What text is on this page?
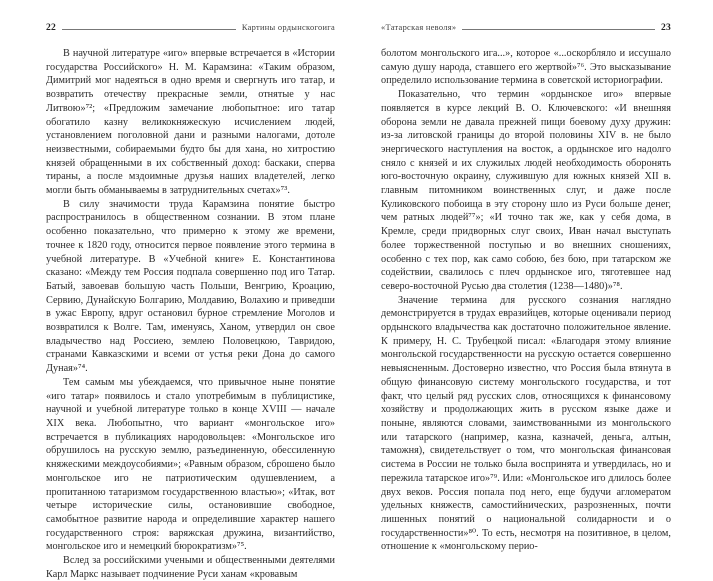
22	Картины ордынскогоига

В научной литературе «иго» впервые встречается в «Истории государства Российского» Н. М. Карамзина: «Таким образом, Димитрий мог надеяться в одно время и свергнуть иго татар, и возвратить отечеству прекрасные земли, отнятые у нас Литвою»⁷²; «Предложим замечание любопытное: иго татар обогатило казну великокняжескую исчислением людей, установлением поголовной дани и разными налогами, дотоле неизвестными, собираемыми будто бы для хана, но хитростию князей обращенными в их собственный доход: баскаки, сперва тираны, а после мздоимные друзья наших владетелей, легко могли быть обманываемы в затруднительных счетах»⁷³.

В силу значимости труда Карамзина понятие быстро распространилось в общественном сознании. В этом плане особенно показательно, что примерно к этому же времени, точнее к 1820 году, относится первое появление этого термина в учебной литературе. В «Учебной книге» Е. Константинова сказано: «Между тем Россия подпала совершенно под иго Татар. Батый, завоевав большую часть Польши, Венгрию, Кроацию, Сервию, Дунайскую Болгарию, Молдавию, Волахию и приведши в ужас Европу, вдруг остановил бурное стремление Моголов и возвратился к Волге. Там, именуясь, Ханом, утвердил он свое владычество над Россиею, землею Половецкою, Тавридою, странами Кавказскими и всеми от устья реки Дона до самого Дуная»⁷⁴.

Тем самым мы убеждаемся, что привычное ныне понятие «иго татар» появилось и стало употребимым в публицистике, научной и учебной литературе только в конце XVIII — начале XIX века. Любопытно, что вариант «монгольское иго» встречается в публикациях народовольцев: «Монгольское иго обрушилось на русскую землю, разъединенную, обессиленную княжескими междоусобиями»; «Равным образом, сброшено было монгольское иго не патриотическим одушевлением, а пропитанною татаризмом государственною властью»; «Итак, вот четыре исторические силы, остановившие свободное, самобытное развитие народа и определившие характер нашего государственного строя: варяжская дружина, византийство, монгольское иго и немецкий бюрократизм»⁷⁵.

Вслед за российскими учеными и общественными деятелями Карл Маркс называет подчинение Руси ханам «кровавым

«Татарская неволя»	23

болотом монгольского ига...», которое «...оскорбляло и иссушало самую душу народа, ставшего его жертвой»⁷⁶. Это высказывание определило использование термина в советской историографии.

Показательно, что термин «ордынское иго» впервые появляется в курсе лекций В. О. Ключевского: «И внешняя оборона земли не давала прежней пищи боевому духу дружин: из-за литовской границы до второй половины XIV в. не было энергического наступления на восток, а ордынское иго надолго сняло с князей и их служилых людей необходимость оборонять юго-восточную окраину, служившую для южных князей XII в. главным питомником воинственных слуг, и даже после Куликовского побоища в эту сторону шло из Руси больше денег, чем ратных людей⁷⁷»; «И точно так же, как у себя дома, в Кремле, среди придворных слуг своих, Иван начал выступать более торжественной поступью и во внешних сношениях, особенно с тех пор, как само собою, без бою, при татарском же содействии, свалилось с плеч ордынское иго, тяготевшее над северо-восточной Русью два столетия (1238—1480)»⁷⁸.

Значение термина для русского сознания наглядно демонстрируется в трудах евразийцев, которые оценивали период ордынского владычества как достаточно положительное явление. К примеру, Н. С. Трубецкой писал: «Благодаря этому влияние монгольской государственности на русскую остается совершенно невыясненным. Достоверно известно, что Россия была втянута в общую финансовую систему монгольского государства, и тот факт, что целый ряд русских слов, относящихся к финансовому хозяйству и продолжающих жить в русском языке даже и поныне, являются словами, заимствованными из монгольского или татарского (например, казна, казначей, деньга, алтын, таможня), свидетельствует о том, что монгольская финансовая система в России не только была воспринята и утвердилась, но и пережила татарское иго»⁷⁹. Или: «Монгольское иго длилось более двух веков. Россия попала под него, еще будучи агломератом удельных княжеств, самостийнических, разрозненных, почти лишенных понятий о национальной солидарности и о государственности»⁸⁰. То есть, несмотря на позитивное, в целом, отношение к «монгольскому перио-
